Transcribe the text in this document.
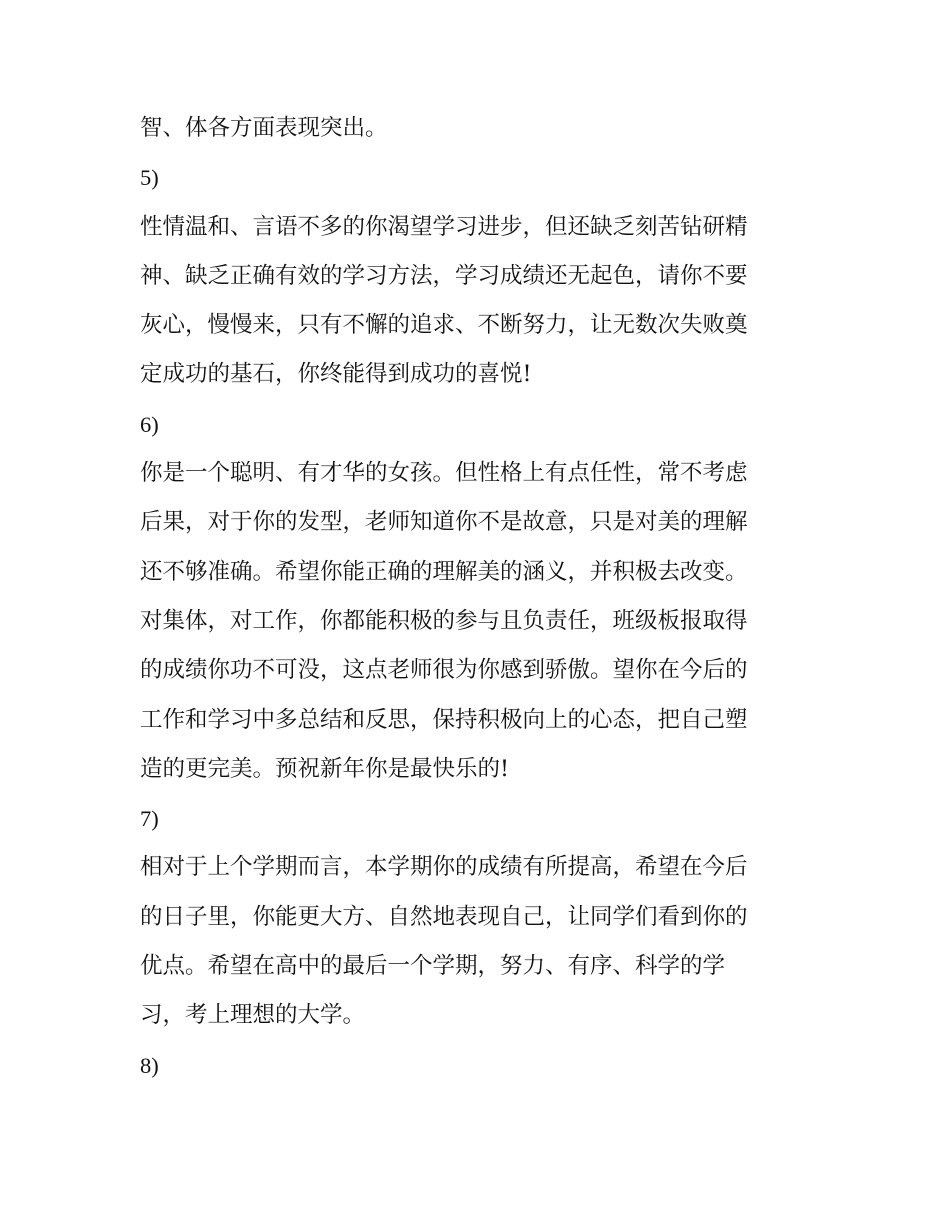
智、体各方面表现突出。
5)
性情温和、言语不多的你渴望学习进步，但还缺乏刻苦钻研精
神、缺乏正确有效的学习方法，学习成绩还无起色，请你不要
灰心，慢慢来，只有不懈的追求、不断努力，让无数次失败奠
定成功的基石，你终能得到成功的喜悦!
6)
你是一个聪明、有才华的女孩。但性格上有点任性，常不考虑
后果，对于你的发型，老师知道你不是故意，只是对美的理解
还不够准确。希望你能正确的理解美的涵义，并积极去改变。
对集体，对工作，你都能积极的参与且负责任，班级板报取得
的成绩你功不可没，这点老师很为你感到骄傲。望你在今后的
工作和学习中多总结和反思，保持积极向上的心态，把自己塑
造的更完美。预祝新年你是最快乐的!
7)
相对于上个学期而言，本学期你的成绩有所提高，希望在今后
的日子里，你能更大方、自然地表现自己，让同学们看到你的
优点。希望在高中的最后一个学期，努力、有序、科学的学
习，考上理想的大学。
8)
